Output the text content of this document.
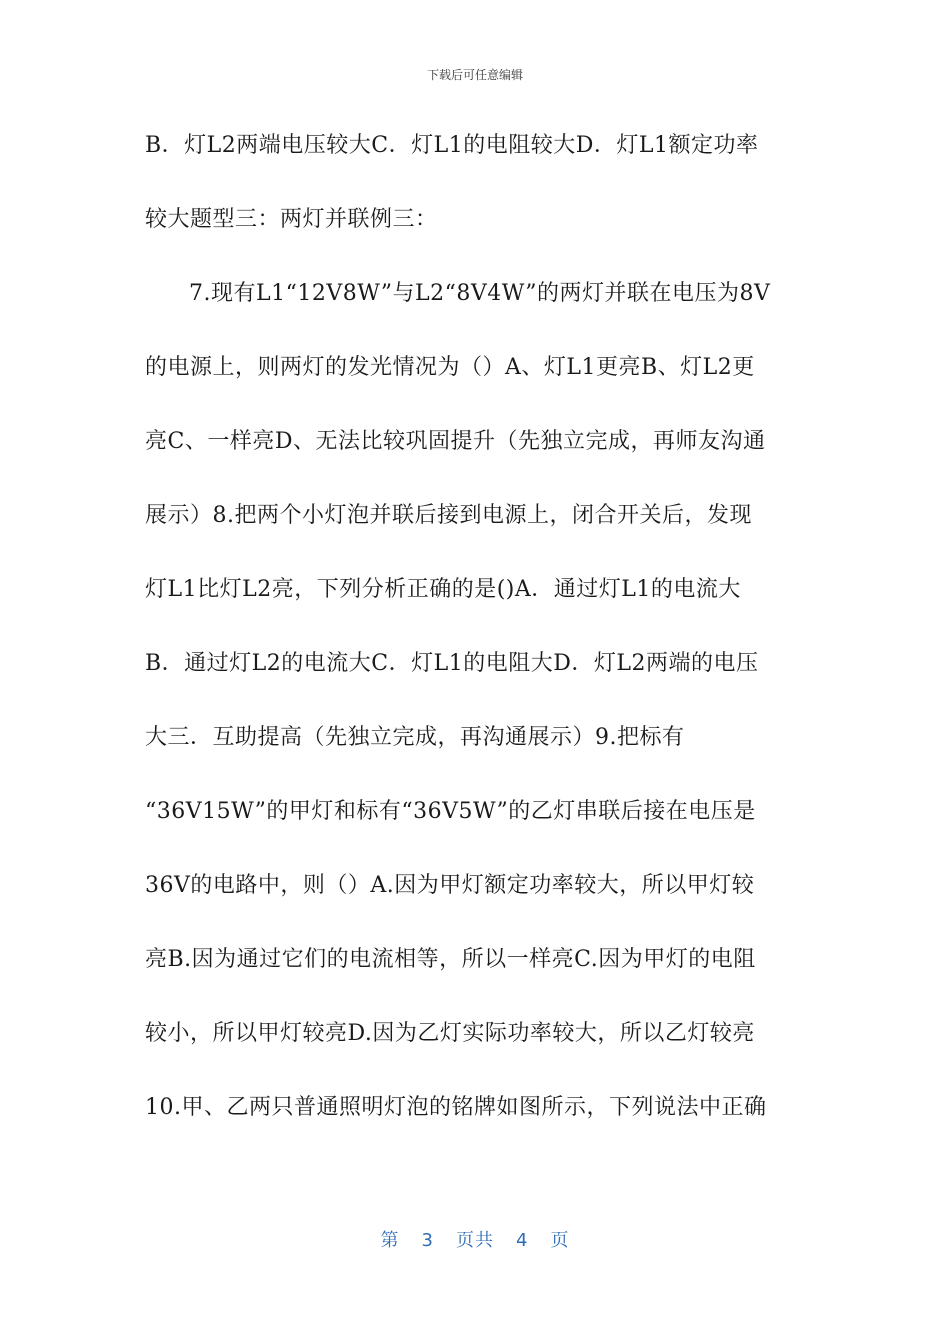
下载后可任意编辑
B．灯L2两端电压较大C．灯L1的电阻较大D．灯L1额定功率
较大题型三：两灯并联例三：
7.现有L1“12V8W”与L2“8V4W”的两灯并联在电压为8V
的电源上，则两灯的发光情况为（）A、灯L1更亮B、灯L2更
亮C、一样亮D、无法比较巩固提升（先独立完成，再师友沟通
展示）8.把两个小灯泡并联后接到电源上，闭合开关后，发现
灯L1比灯L2亮，下列分析正确的是()A．通过灯L1的电流大
B．通过灯L2的电流大C．灯L1的电阻大D．灯L2两端的电压
大三．互助提高（先独立完成，再沟通展示）9.把标有
“36V15W”的甲灯和标有“36V5W”的乙灯串联后接在电压是
36V的电路中，则（）A.因为甲灯额定功率较大，所以甲灯较
亮B.因为通过它们的电流相等，所以一样亮C.因为甲灯的电阻
较小，所以甲灯较亮D.因为乙灯实际功率较大，所以乙灯较亮
10.甲、乙两只普通照明灯泡的铭牌如图所示，下列说法中正确
第 3 页共 4 页
